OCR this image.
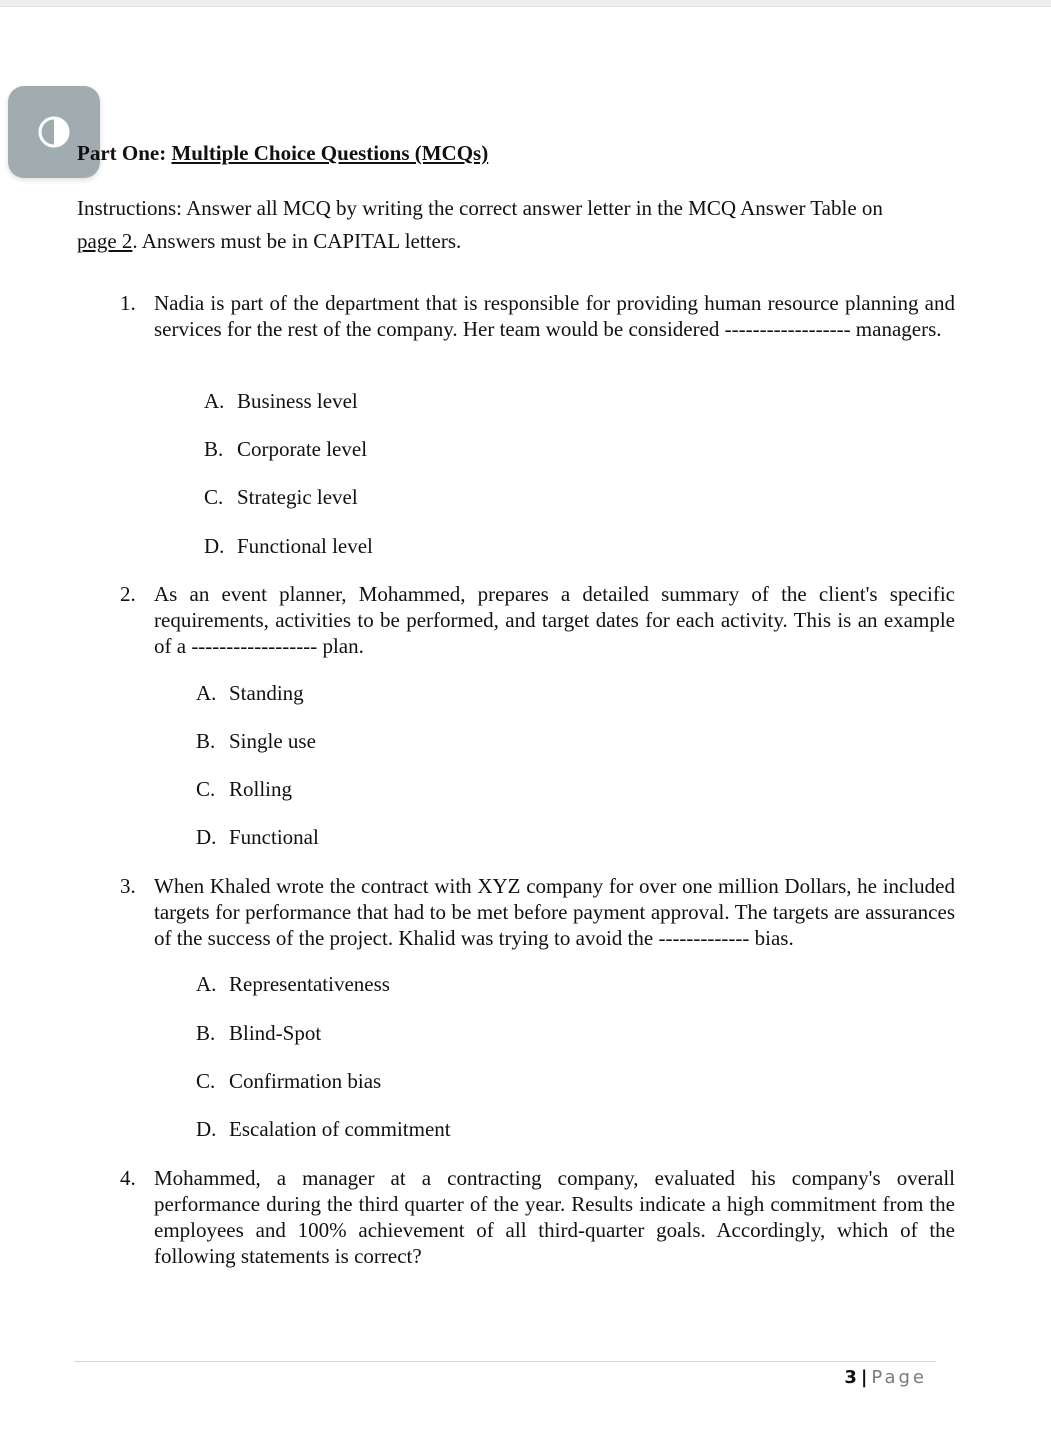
Part One: Multiple Choice Questions (MCQs)
Instructions: Answer all MCQ by writing the correct answer letter in the MCQ Answer Table on
page 2. Answers must be in CAPITAL letters.
1. Nadia is part of the department that is responsible for providing human resource planning and services for the rest of the company. Her team would be considered ------------------ managers.
A. Business level
B. Corporate level
C. Strategic level
D. Functional level
2. As an event planner, Mohammed, prepares a detailed summary of the client's specific requirements, activities to be performed, and target dates for each activity. This is an example of a ------------------ plan.
A. Standing
B. Single use
C. Rolling
D. Functional
3. When Khaled wrote the contract with XYZ company for over one million Dollars, he included targets for performance that had to be met before payment approval. The targets are assurances of the success of the project. Khalid was trying to avoid the ------------- bias.
A. Representativeness
B. Blind-Spot
C. Confirmation bias
D. Escalation of commitment
4. Mohammed, a manager at a contracting company, evaluated his company's overall performance during the third quarter of the year. Results indicate a high commitment from the employees and 100% achievement of all third-quarter goals. Accordingly, which of the following statements is correct?
3 | Page
